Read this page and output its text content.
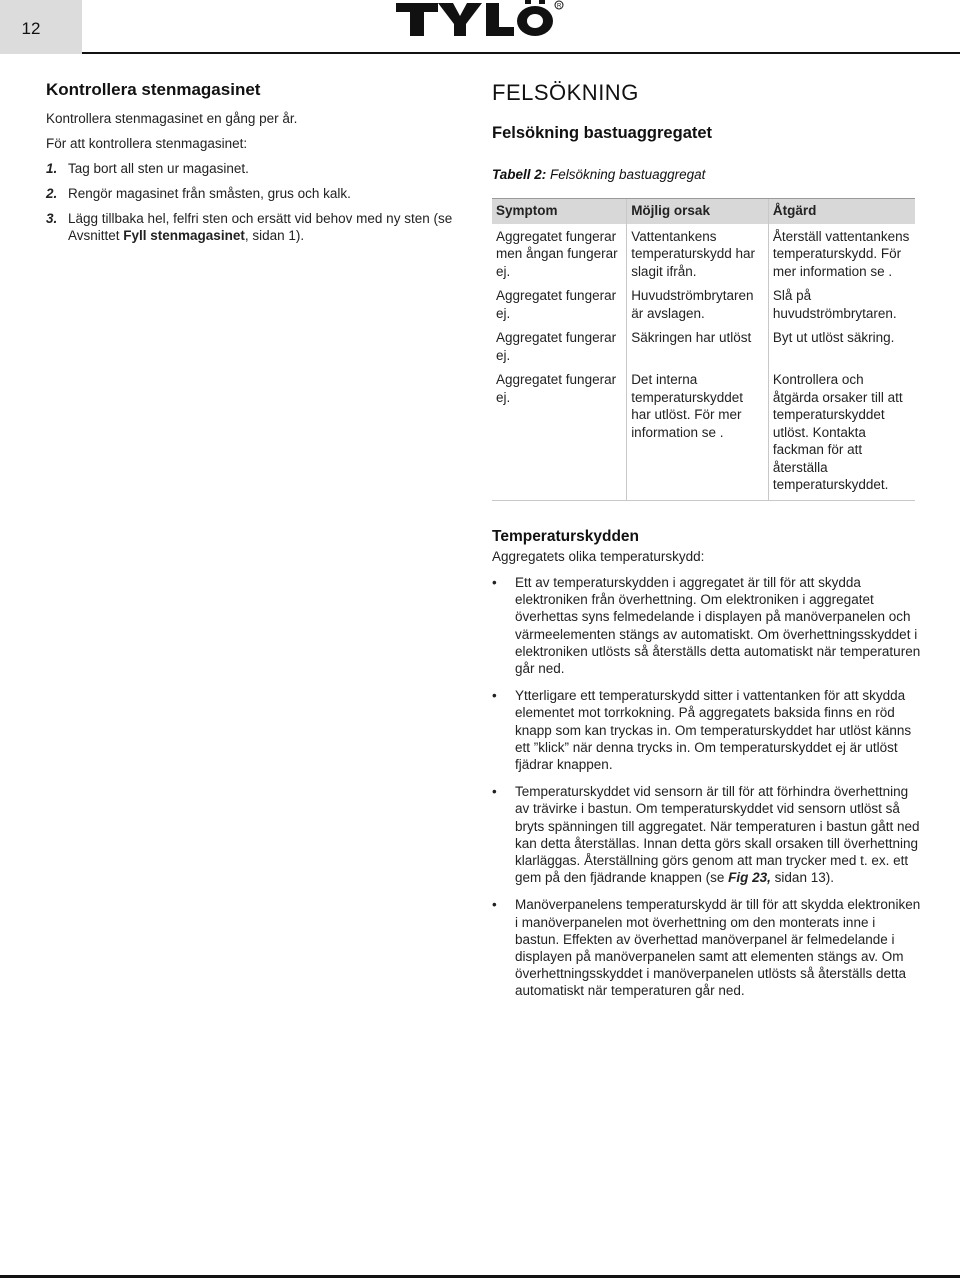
12
R
Kontrollera stenmagasinet

Kontrollera stenmagasinet en gång per år.

För att kontrollera stenmagasinet:

1. Tag bort all sten ur magasinet.
2. Rengör magasinet från småsten, grus och kalk.
3. Lägg tillbaka hel, felfri sten och ersätt vid behov med ny sten (se Avsnittet Fyll stenmagasinet, sidan 1).
FELSÖKNING
Felsökning bastuaggregatet
Tabell 2: Felsökning bastuaggregat
Symptom	Möjlig orsak	Åtgärd
Aggregatet fungerar men ångan fungerar ej.	Vattentankens temperaturskydd har slagit ifrån.	Återställ vattentankens temperaturskydd. För mer information se .
Aggregatet fungerar ej.	Huvudströmbrytaren är avslagen.	Slå på huvudströmbrytaren.
Aggregatet fungerar ej.	Säkringen har utlöst	Byt ut utlöst säkring.
Aggregatet fungerar ej.	Det interna temperaturskyddet har utlöst. För mer information se .	Kontrollera och åtgärda orsaker till att temperaturskyddet utlöst. Kontakta fackman för att återställa temperaturskyddet.
Temperaturskydden

Aggregatets olika temperaturskydd:

• Ett av temperaturskydden i aggregatet är till för att skydda elektroniken från överhettning. Om elektroniken i aggregatet överhettas syns felmedelande i displayen på manöverpanelen och värmeelementen stängs av automatiskt. Om överhettningsskyddet i elektroniken utlösts så återställs detta automatiskt när temperaturen går ned.
• Ytterligare ett temperaturskydd sitter i vattentanken för att skydda elementet mot torrkokning. På aggregatets baksida finns en röd knapp som kan tryckas in. Om temperaturskyddet har utlöst känns ett ”klick” när denna trycks in. Om temperaturskyddet ej är utlöst fjädrar knappen.
• Temperaturskyddet vid sensorn är till för att förhindra överhettning av trävirke i bastun. Om temperaturskyddet vid sensorn utlöst så bryts spänningen till aggregatet. När temperaturen i bastun gått ned kan detta återställas. Innan detta görs skall orsaken till överhettning klarläggas. Återställning görs genom att man trycker med t. ex. ett gem på den fjädrande knappen (se Fig 23, sidan 13).
• Manöverpanelens temperaturskydd är till för att skydda elektroniken i manöverpanelen mot överhettning om den monterats inne i bastun. Effekten av överhettad manöverpanel är felmedelande i displayen på manöverpanelen samt att elementen stängs av. Om överhettningsskyddet i manöverpanelen utlösts så återställs detta automatiskt när temperaturen går ned.
